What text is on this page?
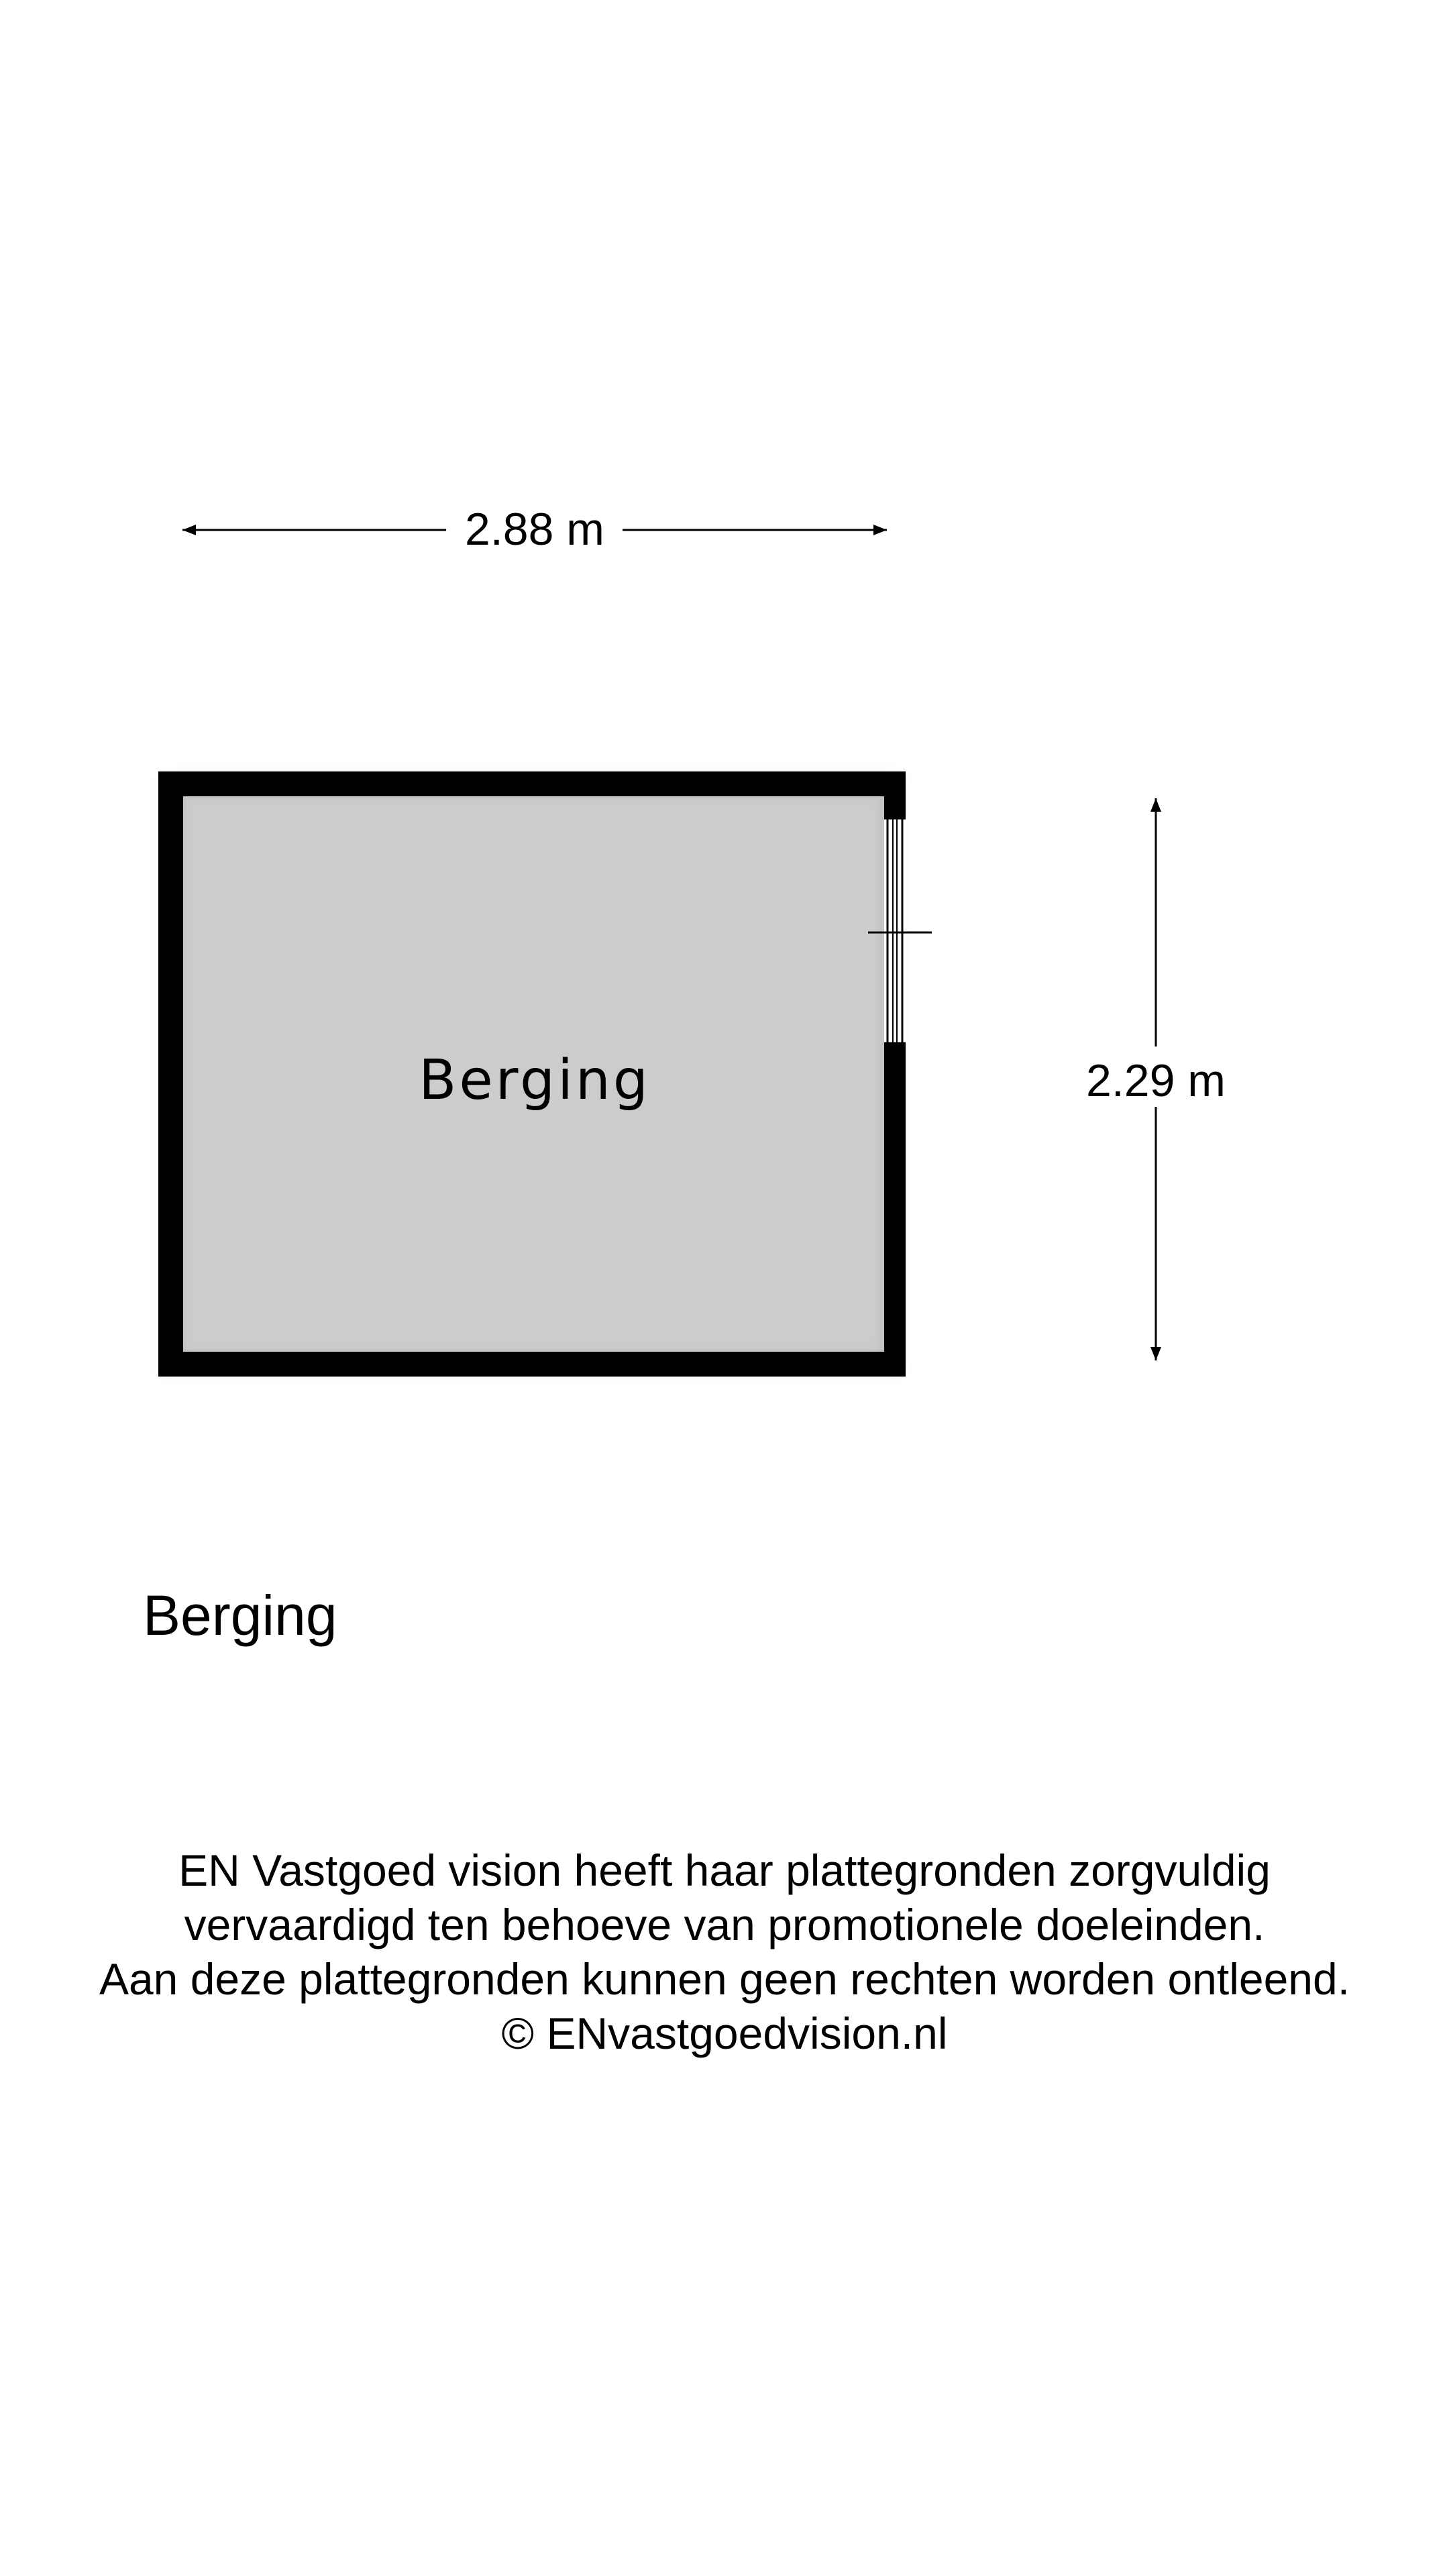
Berging
2.88 m
2.29 m
Berging
EN Vastgoed vision heeft haar plattegronden zorgvuldig
vervaardigd ten behoeve van promotionele doeleinden.
Aan deze plattegronden kunnen geen rechten worden ontleend.
© ENvastgoedvision.nl
